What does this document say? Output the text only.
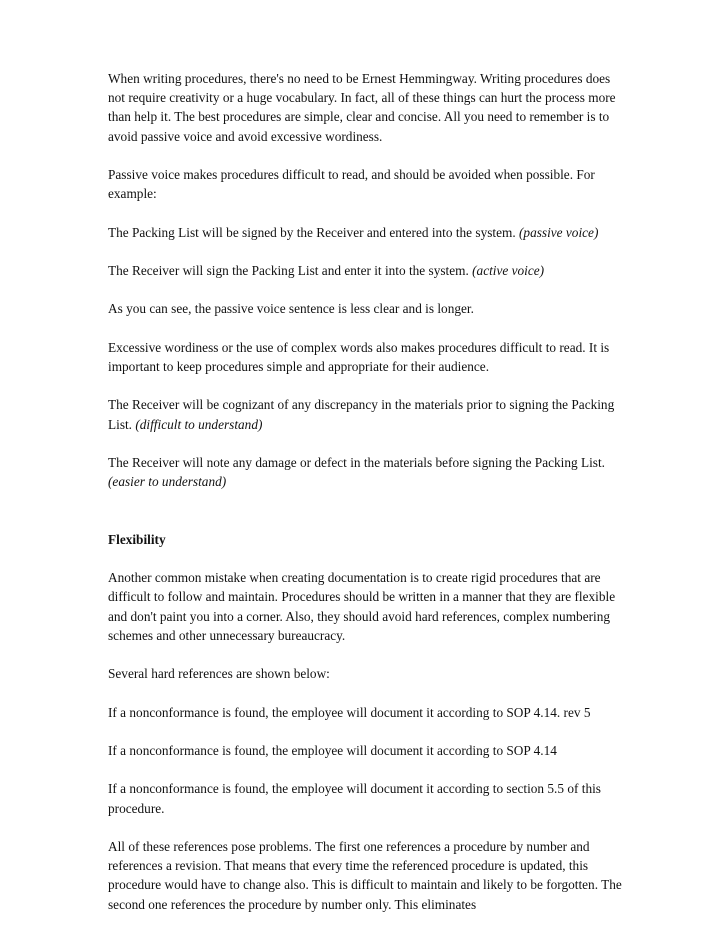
When writing procedures, there's no need to be Ernest Hemmingway. Writing procedures does not require creativity or a huge vocabulary. In fact, all of these things can hurt the process more than help it. The best procedures are simple, clear and concise. All you need to remember is to avoid passive voice and avoid excessive wordiness.

Passive voice makes procedures difficult to read, and should be avoided when possible. For example:

The Packing List will be signed by the Receiver and entered into the system. (passive voice)

The Receiver will sign the Packing List and enter it into the system. (active voice)

As you can see, the passive voice sentence is less clear and is longer.

Excessive wordiness or the use of complex words also makes procedures difficult to read. It is important to keep procedures simple and appropriate for their audience.

The Receiver will be cognizant of any discrepancy in the materials prior to signing the Packing List. (difficult to understand)

The Receiver will note any damage or defect in the materials before signing the Packing List. (easier to understand)

Flexibility

Another common mistake when creating documentation is to create rigid procedures that are difficult to follow and maintain. Procedures should be written in a manner that they are flexible and don't paint you into a corner. Also, they should avoid hard references, complex numbering schemes and other unnecessary bureaucracy.

Several hard references are shown below:

If a nonconformance is found, the employee will document it according to SOP 4.14. rev 5

If a nonconformance is found, the employee will document it according to SOP 4.14

If a nonconformance is found, the employee will document it according to section 5.5 of this procedure.

All of these references pose problems. The first one references a procedure by number and references a revision. That means that every time the referenced procedure is updated, this procedure would have to change also. This is difficult to maintain and likely to be forgotten. The second one references the procedure by number only. This eliminates
